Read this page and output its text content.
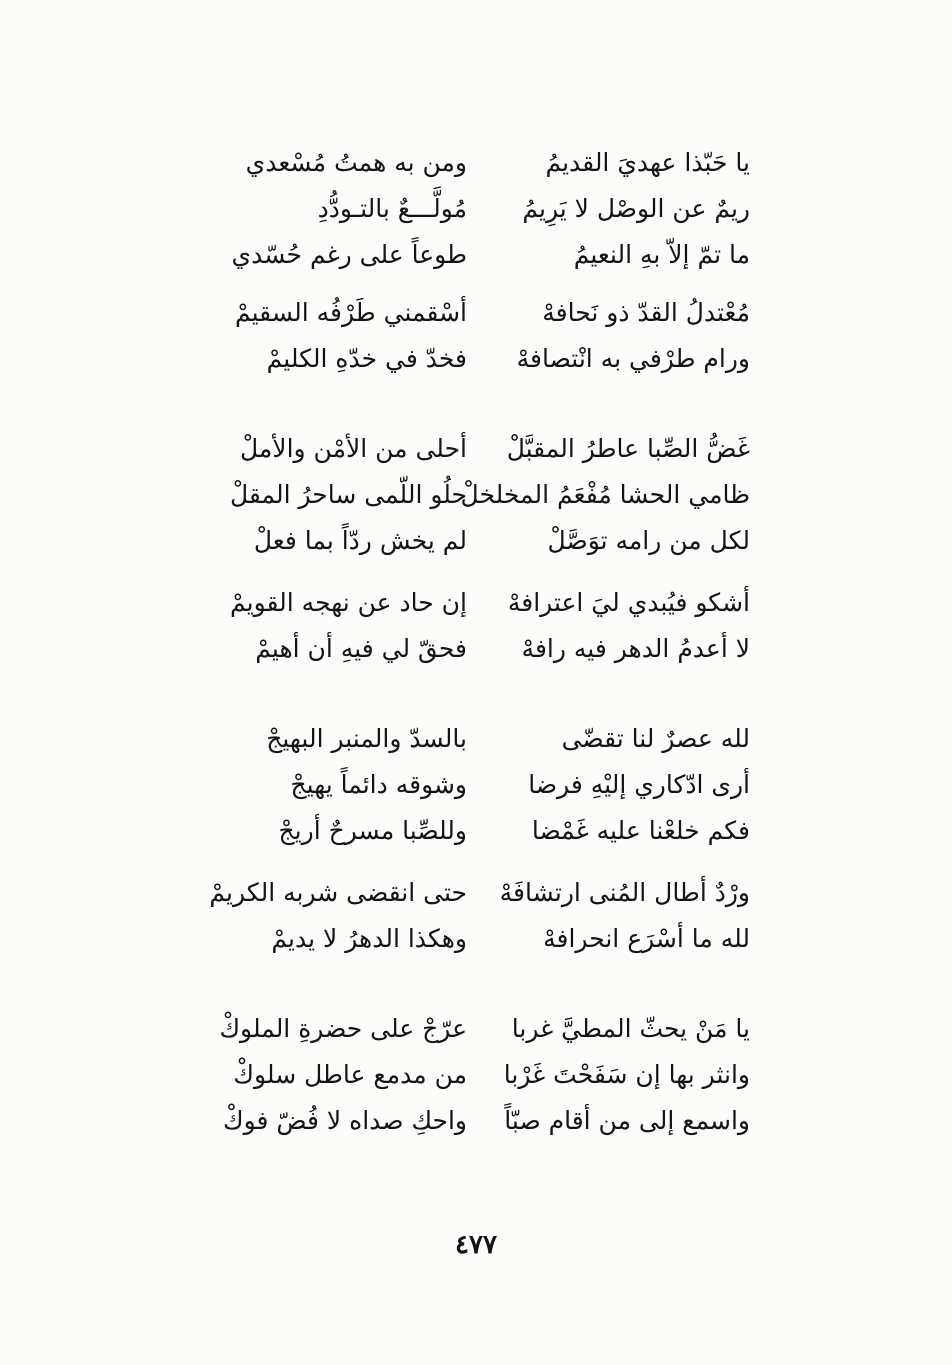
يا حَبّذا عهديَ القديمُ
ومن به همتُ مُسْعدي
ريمٌ عن الوصْل لا يَرِيمُ
مُولَّـــعٌ بالتـودُّدِ
ما تمّ إلاّ بهِ النعيمُ
طوعاً على رغم حُسّدي
مُعْتدلُ القدّ ذو نَحافهْ
أسْقمني طَرْفُه السقيمْ
ورام طرْفي به انْتصافهْ
فخدّ في خدّهِ الكليمْ
غَضُّ الصِّبا عاطرُ المقبَّلْ
أحلى من الأمْن والأملْ
ظامي الحشا مُفْعَمُ المخلخلْ
حلُو اللّمى ساحرُ المقلْ
لكل من رامه توَصَّلْ
لم يخش ردّاً بما فعلْ
أشكو فيُبدي ليَ اعترافهْ
إن حاد عن نهجه القويمْ
لا أعدمُ الدهر فيه رافهْ
فحقّ لي فيهِ أن أهيمْ
لله عصرٌ لنا تقضّى
بالسدّ والمنبر البهيجْ
أرى ادّكاري إليْهِ فرضا
وشوقه دائماً يهيجْ
فكم خلعْنا عليه غَمْضا
وللصِّبا مسرحٌ أريجْ
ورْدٌ أطال المُنى ارتشافَهْ
حتى انقضى شربه الكريمْ
لله ما أسْرَع انحرافهْ
وهكذا الدهرُ لا يديمْ
يا مَنْ يحثّ المطيَّ غربا
عرّجْ على حضرةِ الملوكْ
وانثر بها إن سَفَحْتَ غَرْبا
من مدمع عاطل سلوكْ
واسمع إلى من أقام صبّاً
واحكِ صداه لا فُضّ فوكْ
٤٧٧
